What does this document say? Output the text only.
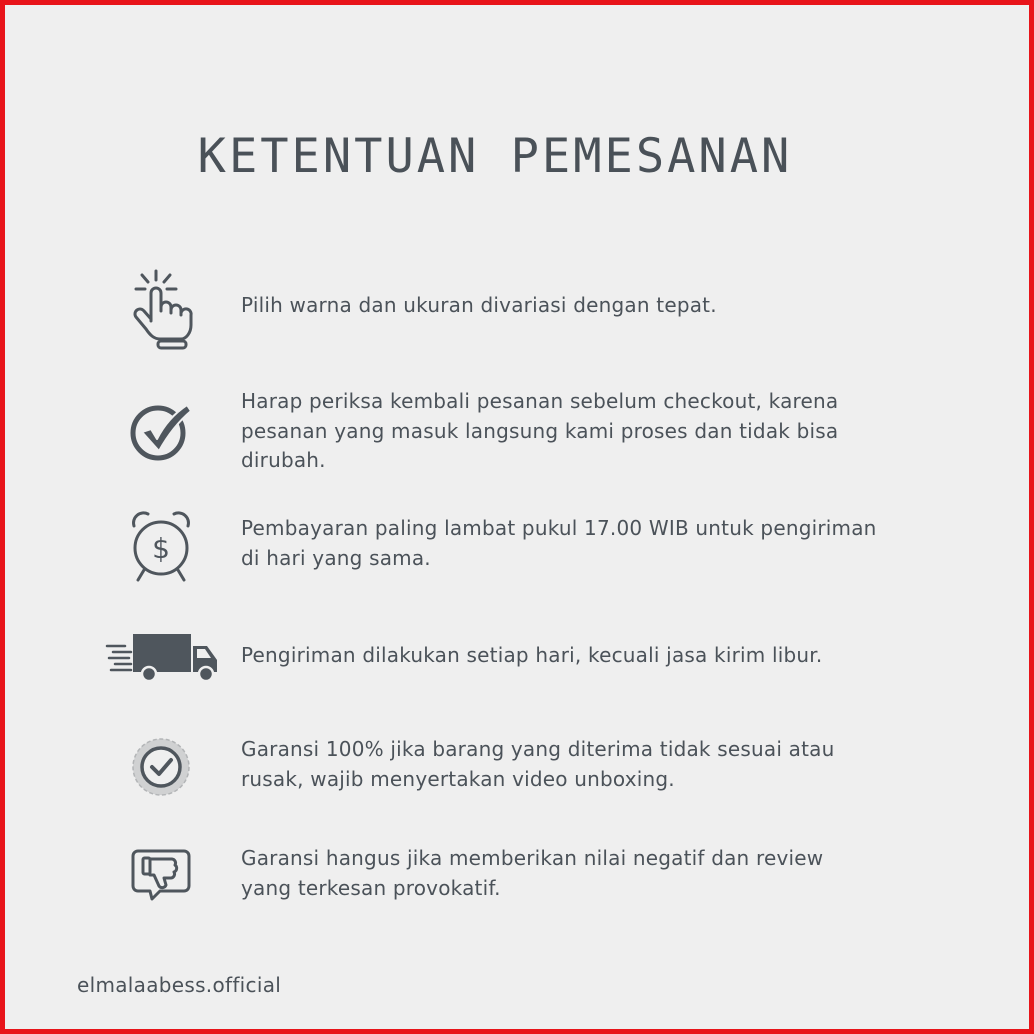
KETENTUAN PEMESANAN
Pilih warna dan ukuran divariasi dengan tepat.
Harap periksa kembali pesanan sebelum checkout, karena
pesanan yang masuk langsung kami proses dan tidak bisa
dirubah.
$
Pembayaran paling lambat pukul 17.00 WIB untuk pengiriman
di hari yang sama.
Pengiriman dilakukan setiap hari, kecuali jasa kirim libur.
Garansi 100% jika barang yang diterima tidak sesuai atau
rusak, wajib menyertakan video unboxing.
Garansi hangus jika memberikan nilai negatif dan review
yang terkesan provokatif.
elmalaabess.official
